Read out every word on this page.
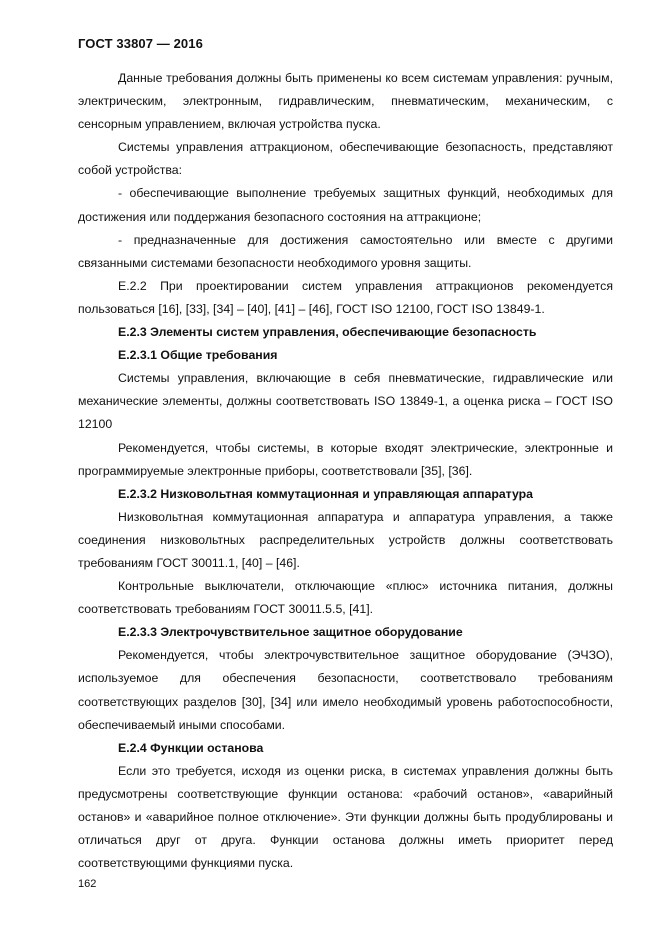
ГОСТ 33807 — 2016

Данные требования должны быть применены ко всем системам управления: ручным, электрическим, электронным, гидравлическим, пневматическим, механическим, с сенсорным управлением, включая устройства пуска.

Системы управления аттракционом, обеспечивающие безопасность, представляют собой устройства:

- обеспечивающие выполнение требуемых защитных функций, необходимых для достижения или поддержания безопасного состояния на аттракционе;

- предназначенные для достижения самостоятельно или вместе с другими связанными системами безопасности необходимого уровня защиты.

Е.2.2 При проектировании систем управления аттракционов рекомендуется пользоваться [16], [33], [34] – [40], [41] – [46], ГОСТ ISO 12100, ГОСТ ISO 13849-1.

Е.2.3 Элементы систем управления, обеспечивающие безопасность
Е.2.3.1 Общие требования

Системы управления, включающие в себя пневматические, гидравлические или механические элементы, должны соответствовать ISO 13849-1, а оценка риска – ГОСТ ISO 12100

Рекомендуется, чтобы системы, в которые входят электрические, электронные и программируемые электронные приборы, соответствовали [35], [36].

Е.2.3.2 Низковольтная коммутационная и управляющая аппаратура

Низковольтная коммутационная аппаратура и аппаратура управления, а также соединения низковольтных распределительных устройств должны соответствовать требованиям ГОСТ 30011.1, [40] – [46].

Контрольные выключатели, отключающие «плюс» источника питания, должны соответствовать требованиям ГОСТ 30011.5.5, [41].

Е.2.3.3 Электрочувствительное защитное оборудование

Рекомендуется, чтобы электрочувствительное защитное оборудование (ЭЧЗО), используемое для обеспечения безопасности, соответствовало требованиям соответствующих разделов [30], [34] или имело необходимый уровень работоспособности, обеспечиваемый иными способами.

Е.2.4 Функции останова

Если это требуется, исходя из оценки риска, в системах управления должны быть предусмотрены соответствующие функции останова: «рабочий останов», «аварийный останов» и «аварийное полное отключение». Эти функции должны быть продублированы и отличаться друг от друга. Функции останова должны иметь приоритет перед соответствующими функциями пуска.

162
